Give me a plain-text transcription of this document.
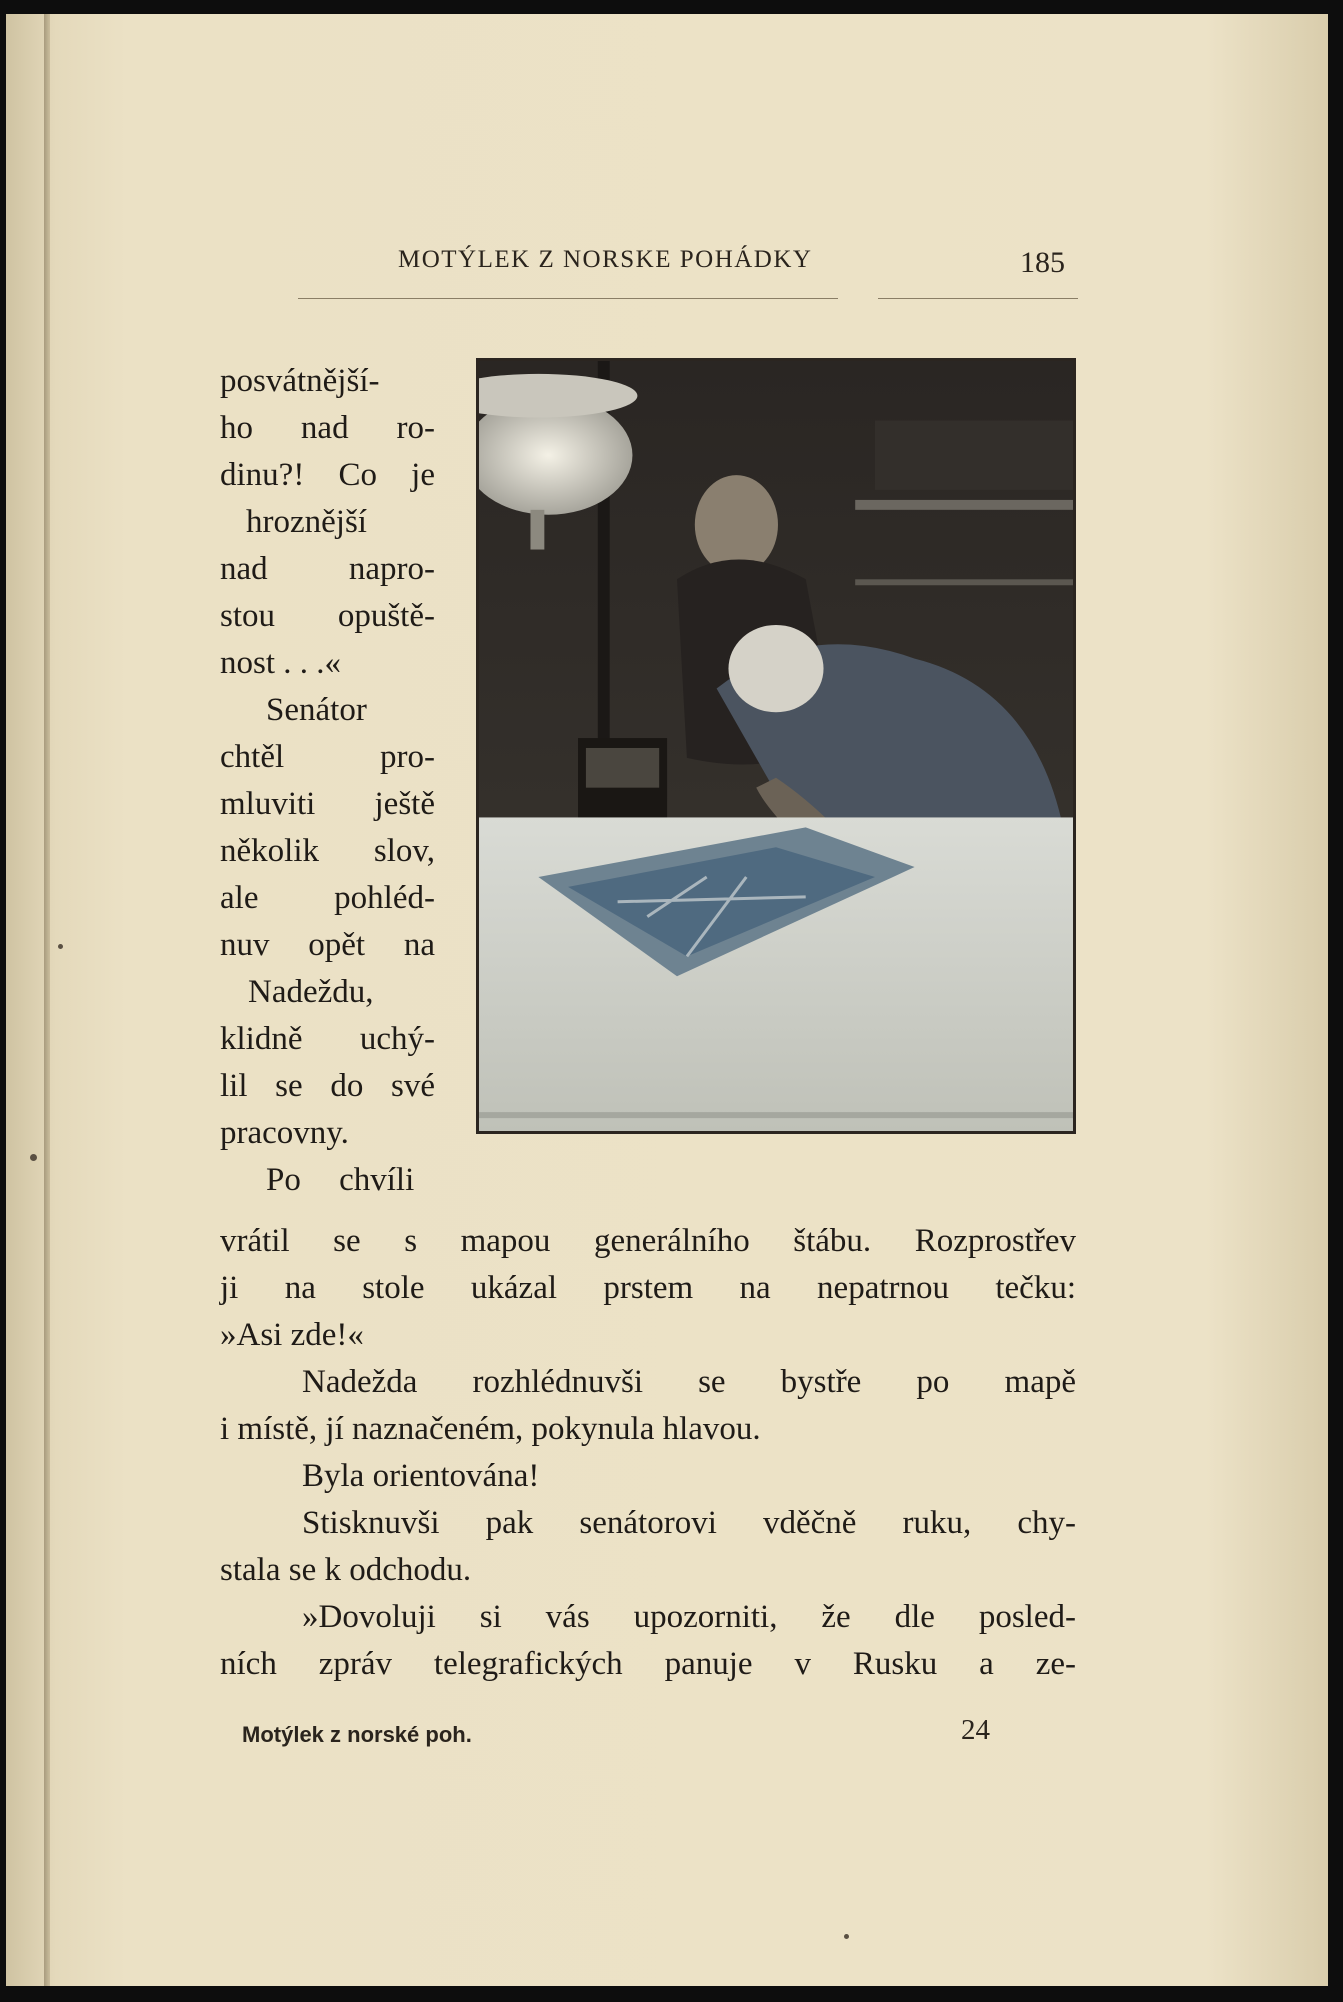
MOTÝLEK Z NORSKE POHÁDKY	185
posvátnější-
ho nad ro-
dinu?! Co je
hroznější
nad napro-
stou opuště-
nost . . .«
Senátor
chtěl pro-
mluviti ještě
několik slov,
ale pohléd-
nuv opět na
Nadeždu,
klidně uchý-
lil se do své
pracovny.
Po chvíli
vrátil se s mapou generálního štábu. Rozprostřev
ji na stole ukázal prstem na nepatrnou tečku:
»Asi zde!«
Nadežda rozhlédnuvši se bystře po mapě
i místě, jí naznačeném, pokynula hlavou.
Byla orientována!
Stisknuvši pak senátorovi vděčně ruku, chy-
stala se k odchodu.
»Dovoluji si vás upozorniti, že dle posled-
ních zpráv telegrafických panuje v Rusku a ze-
Motýlek z norské poh.	24
